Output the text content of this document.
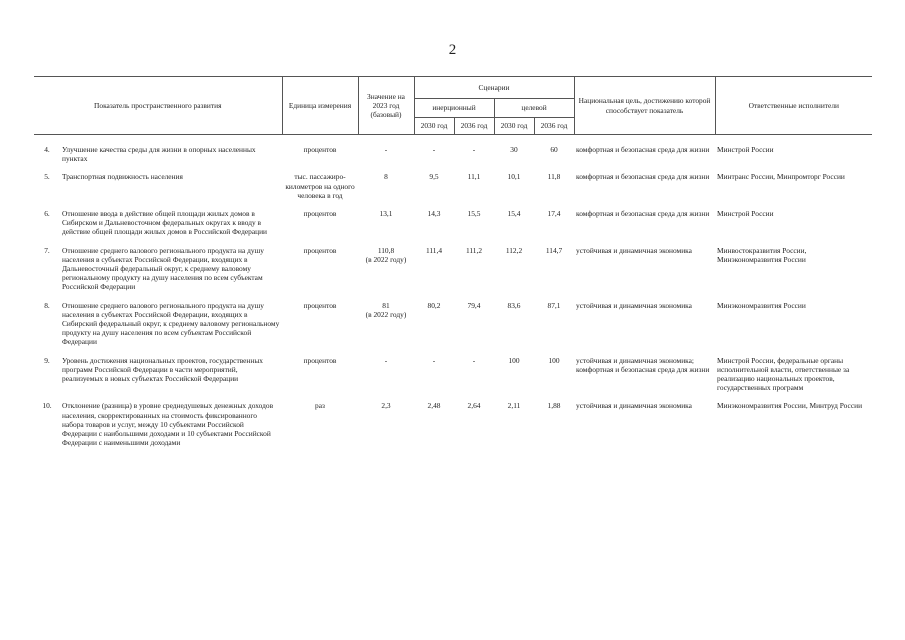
2
Показатель пространственного развития		Единица измерения	Значение на 2023 год (базовый)	Сценарии				Национальная цель, достижению которой способствует показатель	Ответственные исполнители
				инерционный		целевой			
				2030 год	2036 год	2030 год	2036 год		

4.	Улучшение качества среды для жизни в опорных населенных пунктах	процентов	-	-	-	30	60	комфортная и безопасная среда для жизни	Минстрой России
5.	Транспортная подвижность населения	тыс. пассажиро-километров на одного человека в год	8	9,5	11,1	10,1	11,8	комфортная и безопасная среда для жизни	Минтранс России, Минпромторг России
6.	Отношение ввода в действие общей площади жилых домов в Сибирском и Дальневосточном федеральных округах к вводу в действие общей площади жилых домов в Российской Федерации	процентов	13,1	14,3	15,5	15,4	17,4	комфортная и безопасная среда для жизни	Минстрой России
7.	Отношение среднего валового регионального продукта на душу населения в субъектах Российской Федерации, входящих в Дальневосточный федеральный округ, к среднему валовому региональному продукту на душу населения по всем субъектам Российской Федерации	процентов	110,8
(в 2022 году)	111,4	111,2	112,2	114,7	устойчивая и динамичная экономика	Минвостокразвития России, Минэкономразвития России
8.	Отношение среднего валового регионального продукта на душу населения в субъектах Российской Федерации, входящих в Сибирский федеральный округ, к среднему валовому региональному продукту на душу населения по всем субъектам Российской Федерации	процентов	81
(в 2022 году)	80,2	79,4	83,6	87,1	устойчивая и динамичная экономика	Минэкономразвития России
9.	Уровень достижения национальных проектов, государственных программ Российской Федерации в части мероприятий, реализуемых в новых субъектах Российской Федерации	процентов	-	-	-	100	100	устойчивая и динамичная экономика; комфортная и безопасная среда для жизни	Минстрой России, федеральные органы исполнительной власти, ответственные за реализацию национальных проектов, государственных программ
10.	Отклонение (разница) в уровне среднедушевых денежных доходов населения, скорректированных на стоимость фиксированного набора товаров и услуг, между 10 субъектами Российской Федерации с наибольшими доходами и 10 субъектами Российской Федерации с наименьшими доходами	раз	2,3	2,48	2,64	2,11	1,88	устойчивая и динамичная экономика	Минэкономразвития России, Минтруд России
